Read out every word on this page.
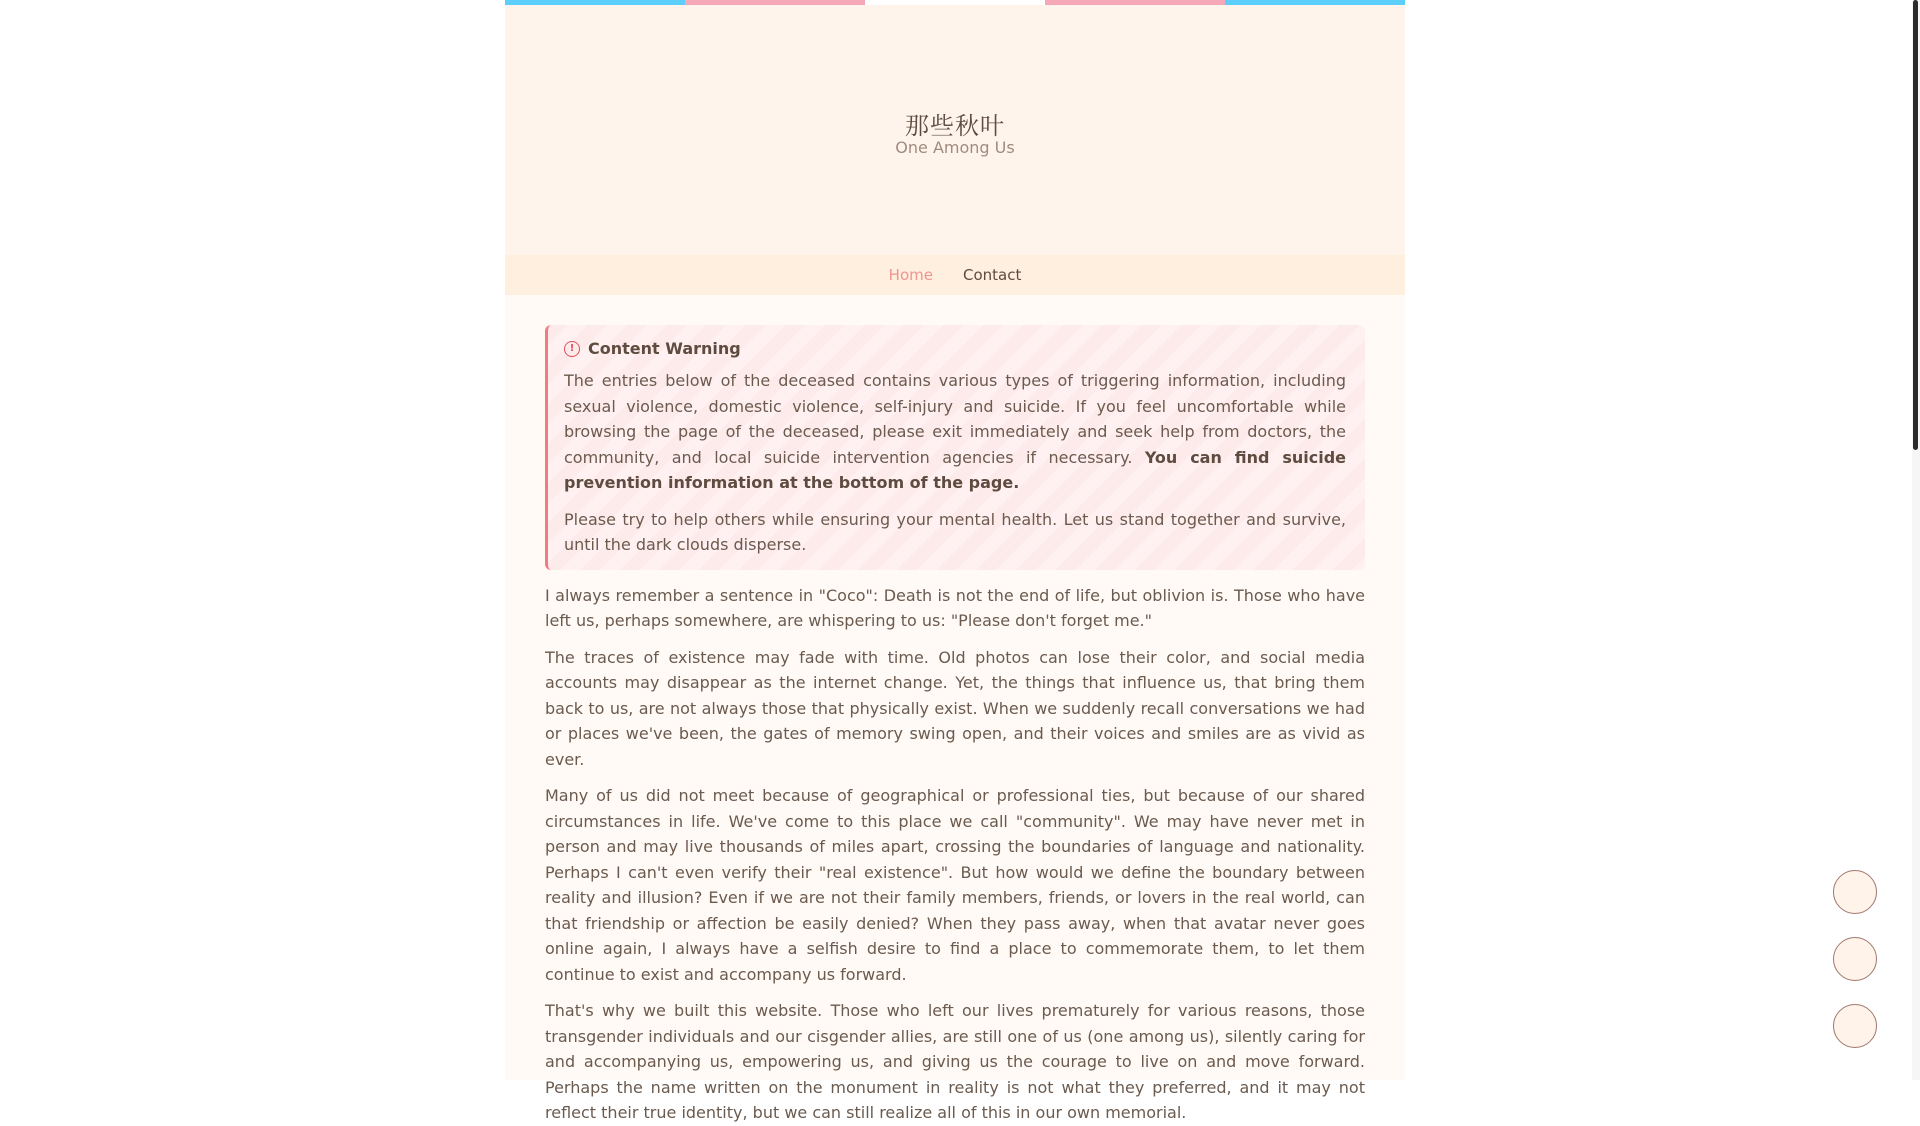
那些秋叶
One Among Us
Home Contact
! Content Warning

The entries below of the deceased contains various types of triggering information, including sexual violence, domestic violence, self-injury and suicide. If you feel uncomfortable while browsing the page of the deceased, please exit immediately and seek help from doctors, the community, and local suicide intervention agencies if necessary. You can find suicide prevention information at the bottom of the page.

Please try to help others while ensuring your mental health. Let us stand together and survive, until the dark clouds disperse.

I always remember a sentence in "Coco": Death is not the end of life, but oblivion is. Those who have left us, perhaps somewhere, are whispering to us: "Please don't forget me."

The traces of existence may fade with time. Old photos can lose their color, and social media accounts may disappear as the internet change. Yet, the things that influence us, that bring them back to us, are not always those that physically exist. When we suddenly recall conversations we had or places we've been, the gates of memory swing open, and their voices and smiles are as vivid as ever.

Many of us did not meet because of geographical or professional ties, but because of our shared circumstances in life. We've come to this place we call "community". We may have never met in person and may live thousands of miles apart, crossing the boundaries of language and nationality. Perhaps I can't even verify their "real existence". But how would we define the boundary between reality and illusion? Even if we are not their family members, friends, or lovers in the real world, can that friendship or affection be easily denied? When they pass away, when that avatar never goes online again, I always have a selfish desire to find a place to commemorate them, to let them continue to exist and accompany us forward.

That's why we built this website. Those who left our lives prematurely for various reasons, those transgender individuals and our cisgender allies, are still one of us (one among us), silently caring for and accompanying us, empowering us, and giving us the courage to live on and move forward. Perhaps the name written on the monument in reality is not what they preferred, and it may not reflect their true identity, but we can still realize all of this in our own memorial.
